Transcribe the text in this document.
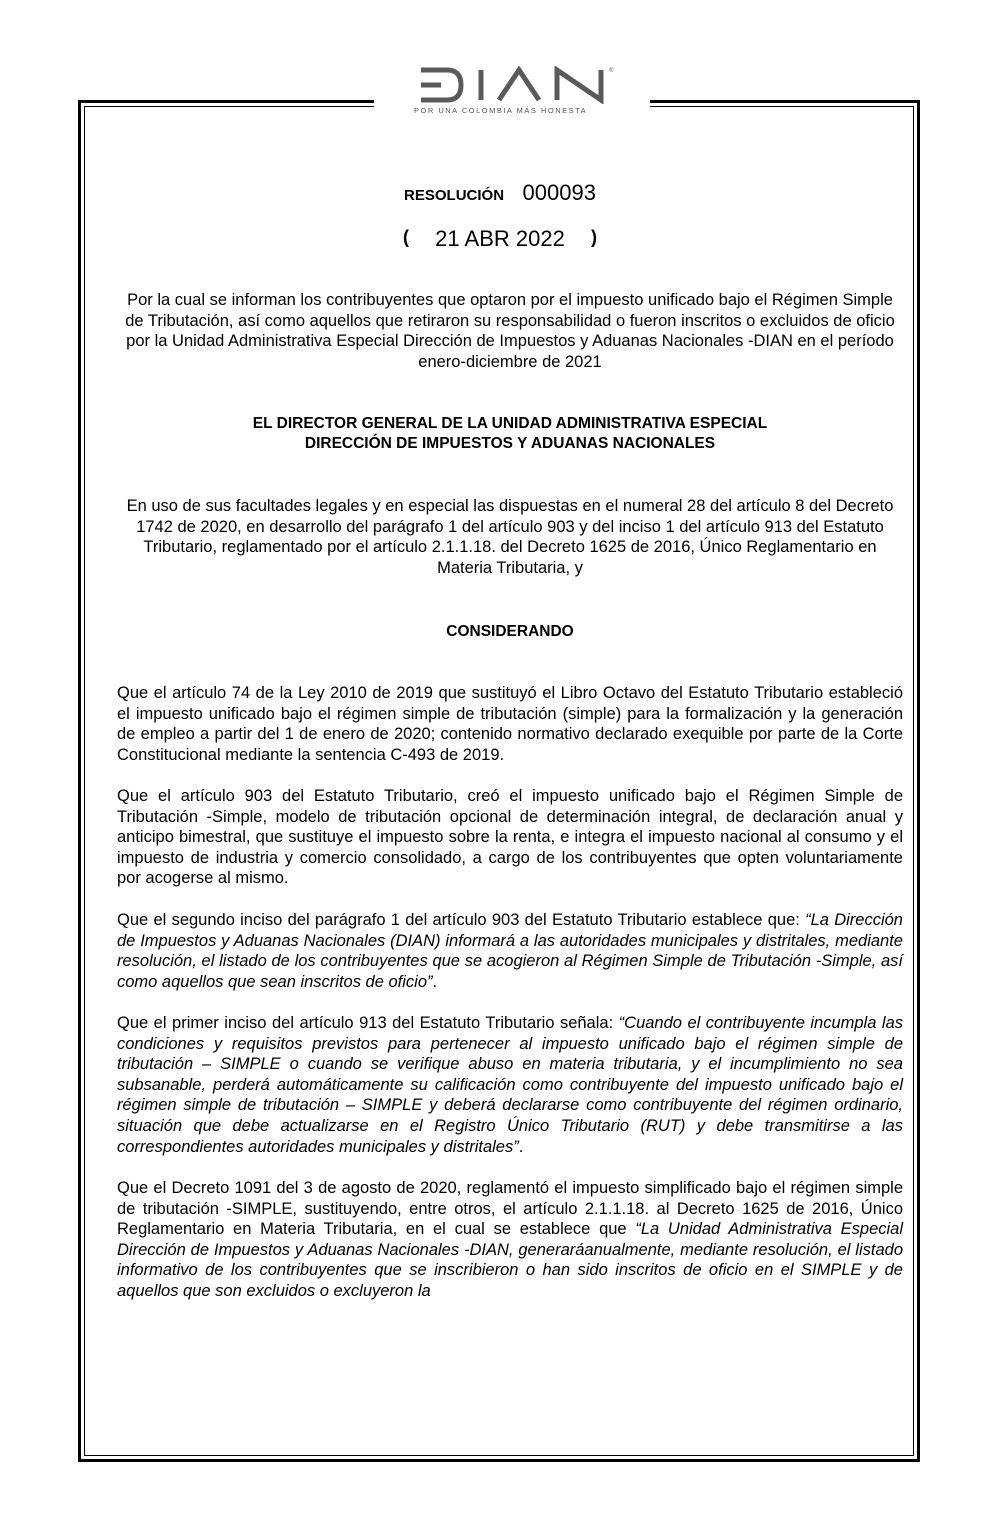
POR UNA COLOMBIA MÁS HONESTA
®
RESOLUCIÓN 000093
( 21 ABR 2022 )
Por la cual se informan los contribuyentes que optaron por el impuesto unificado bajo el Régimen Simple de Tributación, así como aquellos que retiraron su responsabilidad o fueron inscritos o excluidos de oficio por la Unidad Administrativa Especial Dirección de Impuestos y Aduanas Nacionales -DIAN en el período enero-diciembre de 2021
EL DIRECTOR GENERAL DE LA UNIDAD ADMINISTRATIVA ESPECIAL
DIRECCIÓN DE IMPUESTOS Y ADUANAS NACIONALES
En uso de sus facultades legales y en especial las dispuestas en el numeral 28 del artículo 8 del Decreto 1742 de 2020, en desarrollo del parágrafo 1 del artículo 903 y del inciso 1 del artículo 913 del Estatuto Tributario, reglamentado por el artículo 2.1.1.18. del Decreto 1625 de 2016, Único Reglamentario en Materia Tributaria, y
CONSIDERANDO
Que el artículo 74 de la Ley 2010 de 2019 que sustituyó el Libro Octavo del Estatuto Tributario estableció el impuesto unificado bajo el régimen simple de tributación (simple) para la formalización y la generación de empleo a partir del 1 de enero de 2020; contenido normativo declarado exequible por parte de la Corte Constitucional mediante la sentencia C-493 de 2019.
Que el artículo 903 del Estatuto Tributario, creó el impuesto unificado bajo el Régimen Simple de Tributación -Simple, modelo de tributación opcional de determinación integral, de declaración anual y anticipo bimestral, que sustituye el impuesto sobre la renta, e integra el impuesto nacional al consumo y el impuesto de industria y comercio consolidado, a cargo de los contribuyentes que opten voluntariamente por acogerse al mismo.
Que el segundo inciso del parágrafo 1 del artículo 903 del Estatuto Tributario establece que: “La Dirección de Impuestos y Aduanas Nacionales (DIAN) informará a las autoridades municipales y distritales, mediante resolución, el listado de los contribuyentes que se acogieron al Régimen Simple de Tributación -Simple, así como aquellos que sean inscritos de oficio”.
Que el primer inciso del artículo 913 del Estatuto Tributario señala: “Cuando el contribuyente incumpla las condiciones y requisitos previstos para pertenecer al impuesto unificado bajo el régimen simple de tributación – SIMPLE o cuando se verifique abuso en materia tributaria, y el incumplimiento no sea subsanable, perderá automáticamente su calificación como contribuyente del impuesto unificado bajo el régimen simple de tributación – SIMPLE y deberá declararse como contribuyente del régimen ordinario, situación que debe actualizarse en el Registro Único Tributario (RUT) y debe transmitirse a las correspondientes autoridades municipales y distritales”.
Que el Decreto 1091 del 3 de agosto de 2020, reglamentó el impuesto simplificado bajo el régimen simple de tributación -SIMPLE, sustituyendo, entre otros, el artículo 2.1.1.18. al Decreto 1625 de 2016, Único Reglamentario en Materia Tributaria, en el cual se establece que “La Unidad Administrativa Especial Dirección de Impuestos y Aduanas Nacionales -DIAN, generaráanualmente, mediante resolución, el listado informativo de los contribuyentes que se inscribieron o han sido inscritos de oficio en el SIMPLE y de aquellos que son excluidos o excluyeron la
